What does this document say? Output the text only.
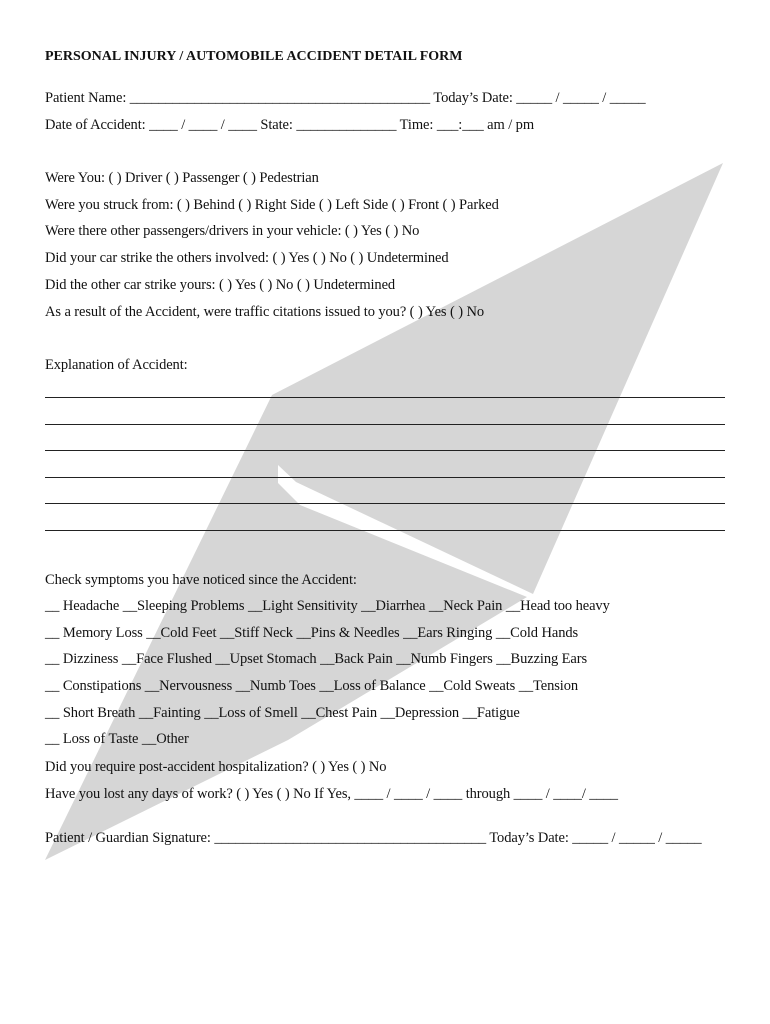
PERSONAL INJURY / AUTOMOBILE ACCIDENT DETAIL FORM
Patient Name: __________________________________________ Today’s Date: _____ / _____ / _____
Date of Accident: ____ / ____ / ____ State: ______________ Time: ___:___ am / pm
Were You: ( ) Driver ( ) Passenger ( ) Pedestrian
Were you struck from: ( ) Behind ( ) Right Side ( ) Left Side ( ) Front ( ) Parked
Were there other passengers/drivers in your vehicle: ( ) Yes ( ) No
Did your car strike the others involved: ( ) Yes ( ) No ( ) Undetermined
Did the other car strike yours: ( ) Yes ( ) No ( ) Undetermined
As a result of the Accident, were traffic citations issued to you? ( ) Yes ( ) No
Explanation of Accident:
Check symptoms you have noticed since the Accident:
__ Headache __Sleeping Problems __Light Sensitivity __Diarrhea __Neck Pain __Head too heavy
__ Memory Loss __Cold Feet __Stiff Neck __Pins & Needles __Ears Ringing __Cold Hands
__ Dizziness __Face Flushed __Upset Stomach __Back Pain __Numb Fingers __Buzzing Ears
__ Constipations __Nervousness __Numb Toes __Loss of Balance __Cold Sweats __Tension
__ Short Breath __Fainting __Loss of Smell __Chest Pain __Depression __Fatigue
__ Loss of Taste __Other
Did you require post-accident hospitalization? ( ) Yes ( ) No
Have you lost any days of work? ( ) Yes ( ) No If Yes, ____ / ____ / ____ through ____ / ____/ ____
Patient / Guardian Signature: ______________________________________ Today’s Date: _____ / _____ / _____
